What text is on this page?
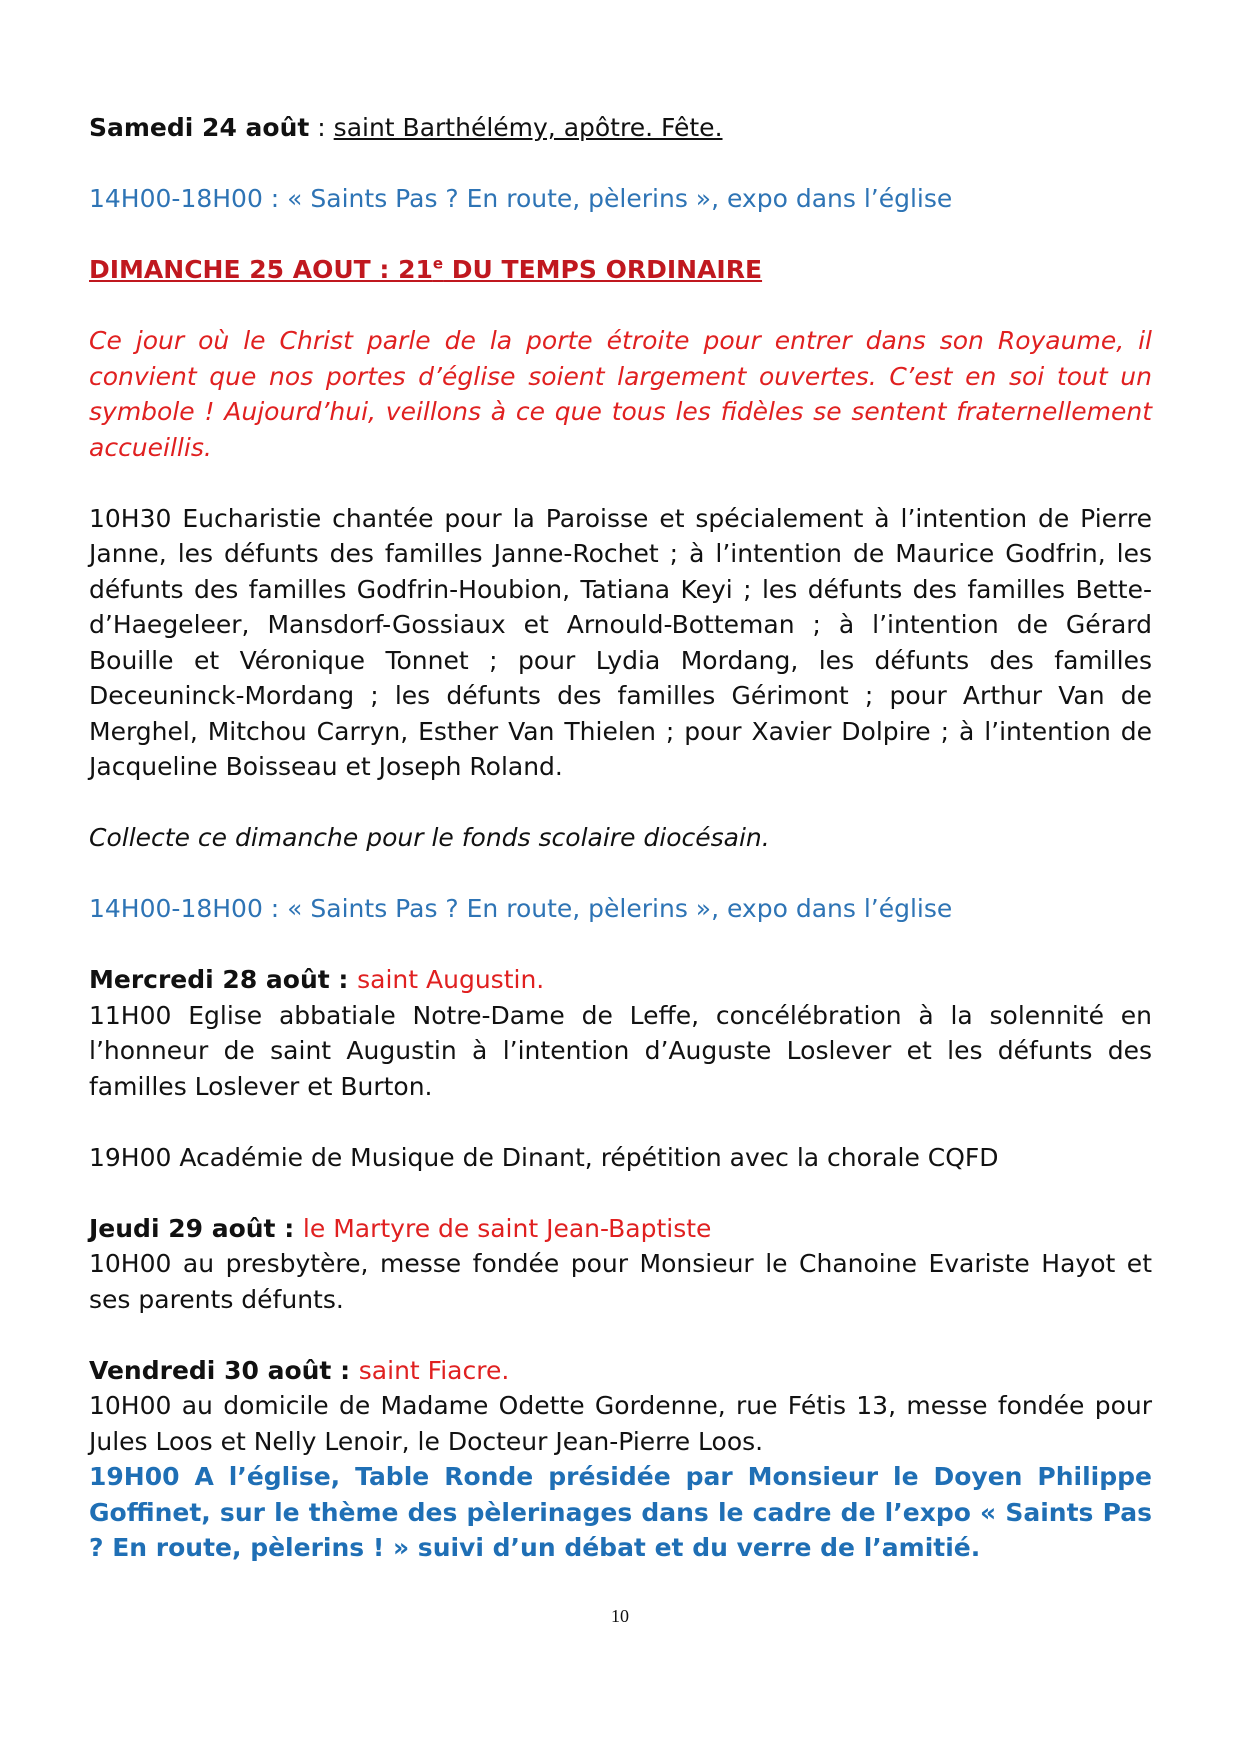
Samedi 24 août : saint Barthélémy, apôtre. Fête.

14H00-18H00 : « Saints Pas ? En route, pèlerins », expo dans l’église

DIMANCHE 25 AOUT : 21e DU TEMPS ORDINAIRE

Ce jour où le Christ parle de la porte étroite pour entrer dans son Royaume, il convient que nos portes d’église soient largement ouvertes. C’est en soi tout un symbole ! Aujourd’hui, veillons à ce que tous les fidèles se sentent fraternellement accueillis.

10H30 Eucharistie chantée pour la Paroisse et spécialement à l’intention de Pierre Janne, les défunts des familles Janne-Rochet ; à l’intention de Maurice Godfrin, les défunts des familles Godfrin-Houbion, Tatiana Keyi ; les défunts des familles Bette-d’Haegeleer, Mansdorf-Gossiaux et Arnould-Botteman ; à l’intention de Gérard Bouille et Véronique Tonnet ; pour Lydia Mordang, les défunts des familles Deceuninck-Mordang ; les défunts des familles Gérimont ; pour Arthur Van de Merghel, Mitchou Carryn, Esther Van Thielen ; pour Xavier Dolpire ; à l’intention de Jacqueline Boisseau et Joseph Roland.

Collecte ce dimanche pour le fonds scolaire diocésain.

14H00-18H00 : « Saints Pas ? En route, pèlerins », expo dans l’église

Mercredi 28 août : saint Augustin.

11H00 Eglise abbatiale Notre-Dame de Leffe, concélébration à la solennité en l’honneur de saint Augustin à l’intention d’Auguste Loslever et les défunts des familles Loslever et Burton.

19H00 Académie de Musique de Dinant, répétition avec la chorale CQFD

Jeudi 29 août : le Martyre de saint Jean-Baptiste

10H00 au presbytère, messe fondée pour Monsieur le Chanoine Evariste Hayot et ses parents défunts.

Vendredi 30 août : saint Fiacre.

10H00 au domicile de Madame Odette Gordenne, rue Fétis 13, messe fondée pour Jules Loos et Nelly Lenoir, le Docteur Jean-Pierre Loos.

19H00 A l’église, Table Ronde présidée par Monsieur le Doyen Philippe Goffinet, sur le thème des pèlerinages dans le cadre de l’expo « Saints Pas ? En route, pèlerins ! » suivi d’un débat et du verre de l’amitié.

10
